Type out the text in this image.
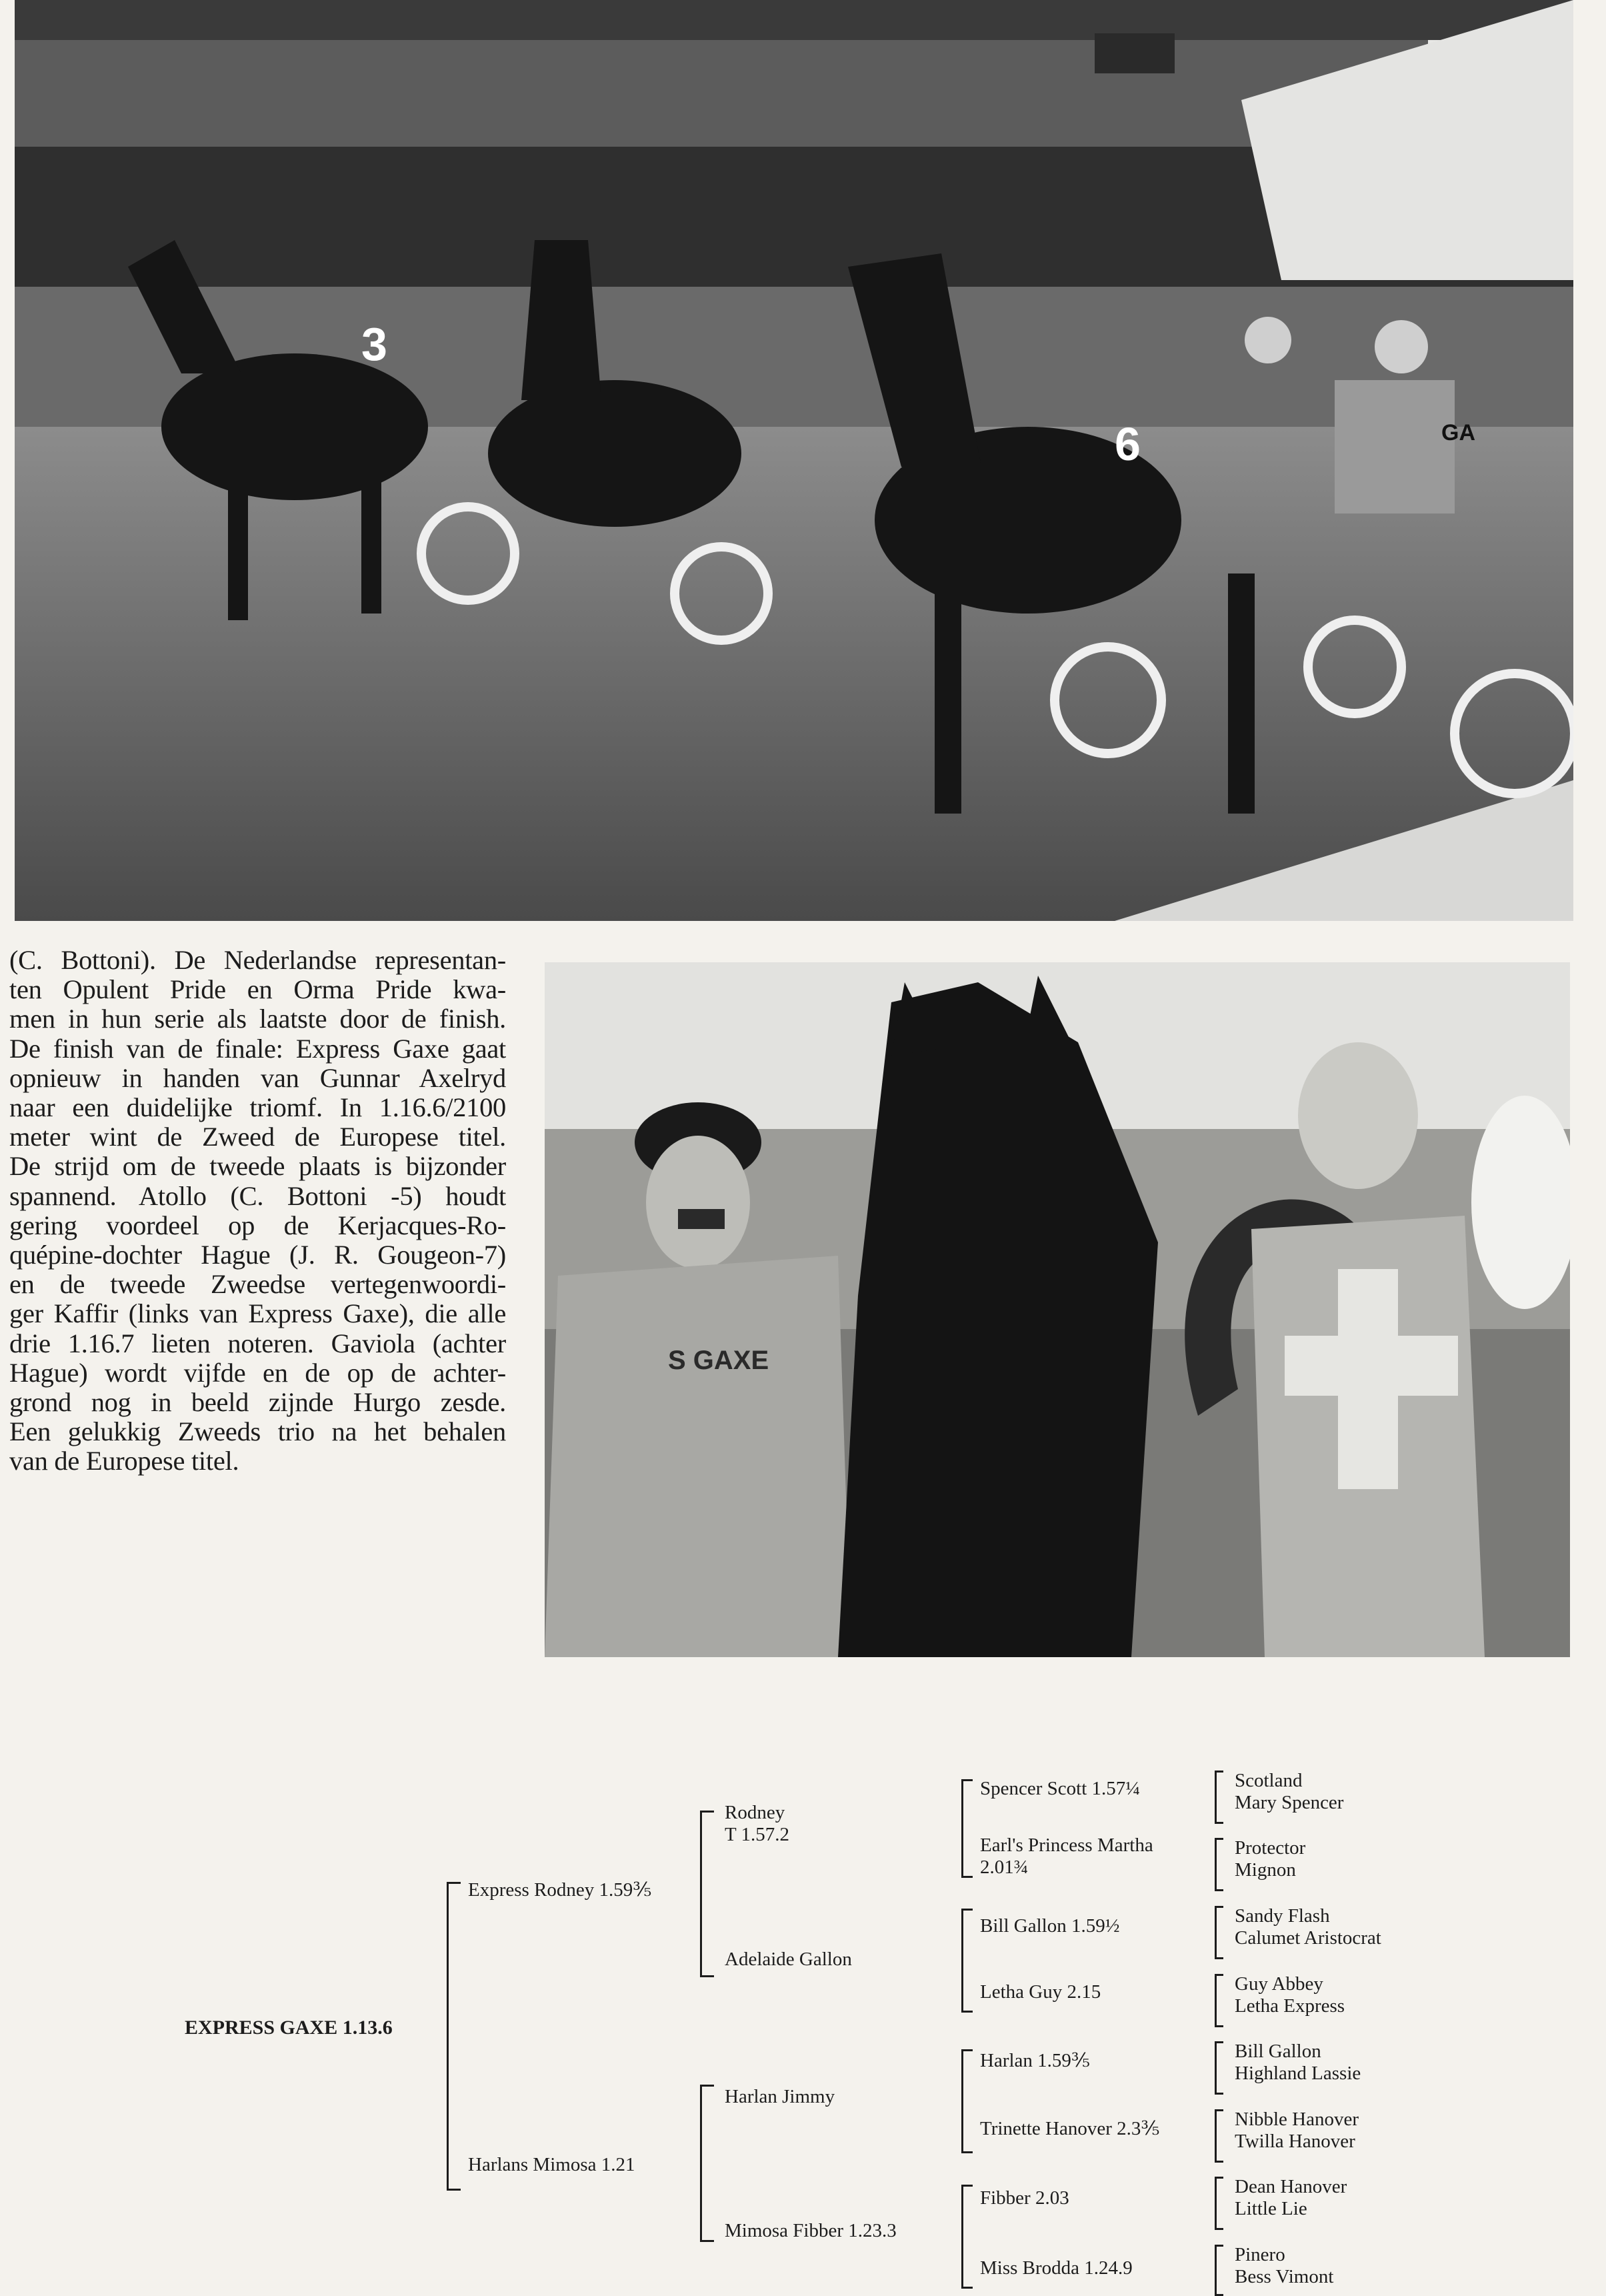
3
6	GA
(C. Bottoni). De Nederlandse representan-
ten Opulent Pride en Orma Pride kwa-
men in hun serie als laatste door de finish.
De finish van de finale: Express Gaxe gaat
opnieuw in handen van Gunnar Axelryd
naar een duidelijke triomf. In 1.16.6/2100
meter wint de Zweed de Europese titel.
De strijd om de tweede plaats is bijzonder
spannend. Atollo (C. Bottoni -5) houdt
gering voordeel op de Kerjacques-Ro-
quépine-dochter Hague (J. R. Gougeon-7)
en de tweede Zweedse vertegenwoordi-
ger Kaffir (links van Express Gaxe), die alle
drie 1.16.7 lieten noteren. Gaviola (achter
Hague) wordt vijfde en de op de achter-
grond nog in beeld zijnde Hurgo zesde.
Een gelukkig Zweeds trio na het behalen
van de Europese titel.
S GAXE
EXPRESS GAXE 1.13.6
Express Rodney 1.59⅗
Harlans Mimosa 1.21
Rodney
T 1.57.2
Adelaide Gallon
Harlan Jimmy
Mimosa Fibber 1.23.3
Spencer Scott 1.57¼
Earl's Princess Martha
2.01¾
Bill Gallon 1.59½
Letha Guy 2.15
Harlan 1.59⅗
Trinette Hanover 2.3⅗
Fibber 2.03
Miss Brodda 1.24.9
Scotland
Mary Spencer
Protector
Mignon
Sandy Flash
Calumet Aristocrat
Guy Abbey
Letha Express
Bill Gallon
Highland Lassie
Nibble Hanover
Twilla Hanover
Dean Hanover
Little Lie
Pinero
Bess Vimont
